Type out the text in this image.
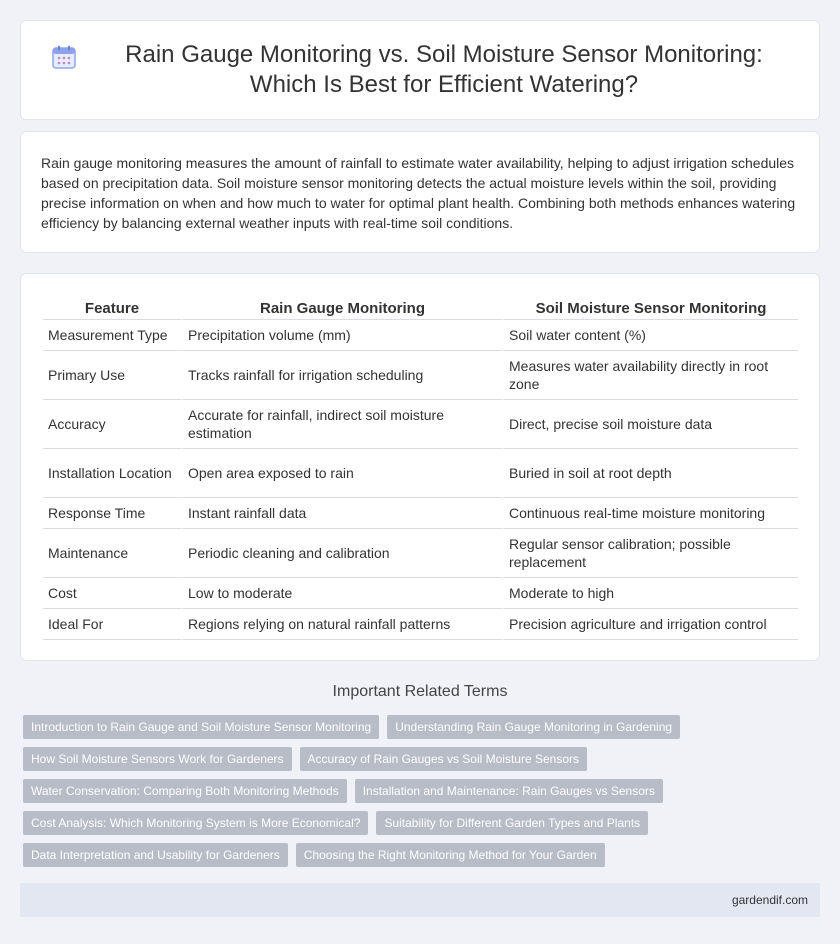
Rain Gauge Monitoring vs. Soil Moisture Sensor Monitoring: Which Is Best for Efficient Watering?

Rain gauge monitoring measures the amount of rainfall to estimate water availability, helping to adjust irrigation schedules based on precipitation data. Soil moisture sensor monitoring detects the actual moisture levels within the soil, providing precise information on when and how much to water for optimal plant health. Combining both methods enhances watering efficiency by balancing external weather inputs with real-time soil conditions.

Feature	Rain Gauge Monitoring	Soil Moisture Sensor Monitoring
Measurement Type	Precipitation volume (mm)	Soil water content (%)
Primary Use	Tracks rainfall for irrigation scheduling	Measures water availability directly in root zone
Accuracy	Accurate for rainfall, indirect soil moisture estimation	Direct, precise soil moisture data
Installation Location	Open area exposed to rain	Buried in soil at root depth
Response Time	Instant rainfall data	Continuous real-time moisture monitoring
Maintenance	Periodic cleaning and calibration	Regular sensor calibration; possible replacement
Cost	Low to moderate	Moderate to high
Ideal For	Regions relying on natural rainfall patterns	Precision agriculture and irrigation control
Important Related Terms
Introduction to Rain Gauge and Soil Moisture Sensor Monitoring	Understanding Rain Gauge Monitoring in Gardening
How Soil Moisture Sensors Work for Gardeners	Accuracy of Rain Gauges vs Soil Moisture Sensors
Water Conservation: Comparing Both Monitoring Methods	Installation and Maintenance: Rain Gauges vs Sensors
Cost Analysis: Which Monitoring System is More Economical?	Suitability for Different Garden Types and Plants
Data Interpretation and Usability for Gardeners	Choosing the Right Monitoring Method for Your Garden
gardendif.com
